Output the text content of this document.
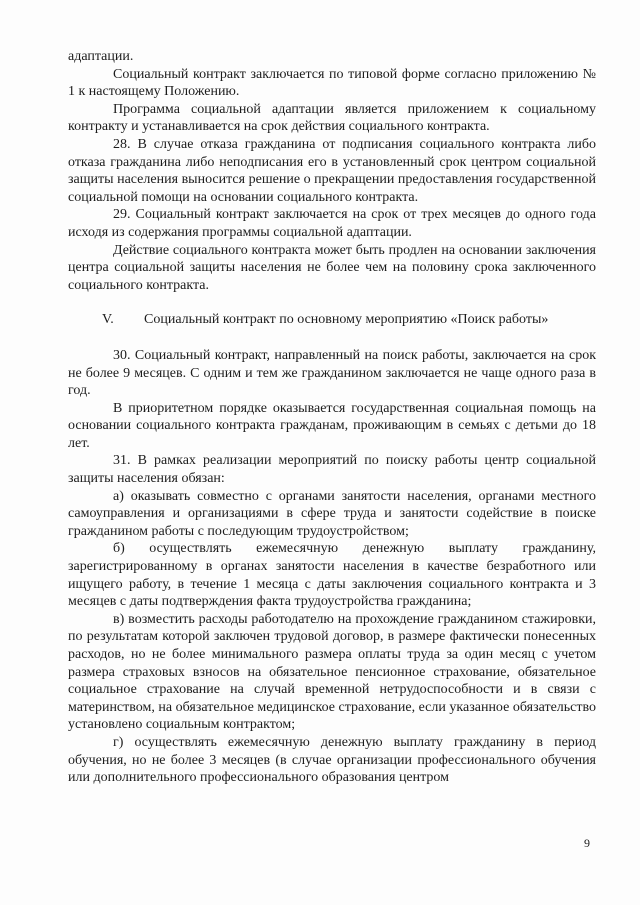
адаптации.

Социальный контракт заключается по типовой форме согласно приложению № 1 к настоящему Положению.

Программа социальной адаптации является приложением к социальному контракту и устанавливается на срок действия социального контракта.

28. В случае отказа гражданина от подписания социального контракта либо отказа гражданина либо неподписания его в установленный срок центром социальной защиты населения выносится решение о прекращении предоставления государственной социальной помощи на основании социального контракта.

29. Социальный контракт заключается на срок от трех месяцев до одного года исходя из содержания программы социальной адаптации.

Действие социального контракта может быть продлен на основании заключения центра социальной защиты населения не более чем на половину срока заключенного социального контракта.

V. Социальный контракт по основному мероприятию «Поиск работы»

30. Социальный контракт, направленный на поиск работы, заключается на срок не более 9 месяцев. С одним и тем же гражданином заключается не чаще одного раза в год.

В приоритетном порядке оказывается государственная социальная помощь на основании социального контракта гражданам, проживающим в семьях с детьми до 18 лет.

31. В рамках реализации мероприятий по поиску работы центр социальной защиты населения обязан:

а) оказывать совместно с органами занятости населения, органами местного самоуправления и организациями в сфере труда и занятости содействие в поиске гражданином работы с последующим трудоустройством;

б) осуществлять ежемесячную денежную выплату гражданину, зарегистрированному в органах занятости населения в качестве безработного или ищущего работу, в течение 1 месяца с даты заключения социального контракта и 3 месяцев с даты подтверждения факта трудоустройства гражданина;

в) возместить расходы работодателю на прохождение гражданином стажировки, по результатам которой заключен трудовой договор, в размере фактически понесенных расходов, но не более минимального размера оплаты труда за один месяц с учетом размера страховых взносов на обязательное пенсионное страхование, обязательное социальное страхование на случай временной нетрудоспособности и в связи с материнством, на обязательное медицинское страхование, если указанное обязательство установлено социальным контрактом;

г) осуществлять ежемесячную денежную выплату гражданину в период обучения, но не более 3 месяцев (в случае организации профессионального обучения или дополнительного профессионального образования центром

9
